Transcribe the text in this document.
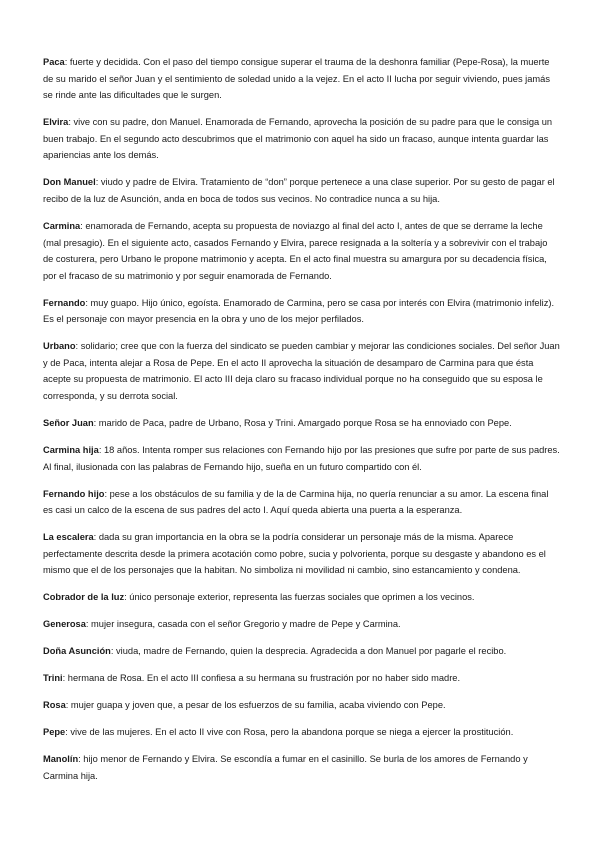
Paca

: fuerte y decidida. Con el paso del tiempo consigue superar el trauma de la deshonra familiar (Pepe-Rosa), la muerte de su marido el señor Juan y el sentimiento de soledad unido a la vejez. En el acto II lucha por seguir viviendo, pues jamás se rinde ante las dificultades que le surgen.

Elvira

: vive con su padre, don Manuel. Enamorada de Fernando, aprovecha la posición de su padre para que le consiga un buen trabajo. En el segundo acto descubrimos que el matrimonio con aquel ha sido un fracaso, aunque intenta guardar las apariencias ante los demás.

Don Manuel

: viudo y padre de Elvira. Tratamiento de “don” porque pertenece a una clase superior. Por su gesto de pagar el recibo de la luz de Asunción, anda en boca de todos sus vecinos. No contradice nunca a su hija.

Carmina

: enamorada de Fernando, acepta su propuesta de noviazgo al final del acto I, antes de que se derrame la leche (mal presagio). En el siguiente acto, casados Fernando y Elvira, parece resignada a la soltería y a sobrevivir con el trabajo de costurera, pero Urbano le propone matrimonio y acepta. En el acto final muestra su amargura por su decadencia física, por el fracaso de su matrimonio y por seguir enamorada de Fernando.

Fernando

: muy guapo. Hijo único, egoísta. Enamorado de Carmina, pero se casa por interés con Elvira (matrimonio infeliz). Es el personaje con mayor presencia en la obra y uno de los mejor perfilados.

Urbano

: solidario; cree que con la fuerza del sindicato se pueden cambiar y mejorar las condiciones sociales. Del señor Juan y de Paca, intenta alejar a Rosa de Pepe. En el acto II aprovecha la situación de desamparo de Carmina para que ésta acepte su propuesta de matrimonio. El acto III deja claro su fracaso individual porque no ha conseguido que su esposa le corresponda, y su derrota social.

Señor Juan

: marido de Paca, padre de Urbano, Rosa y Trini. Amargado porque Rosa se ha ennoviado con Pepe.

Carmina hija

: 18 años. Intenta romper sus relaciones con Fernando hijo por las presiones que sufre por parte de sus padres. Al final, ilusionada con las palabras de Fernando hijo, sueña en un futuro compartido con él.

Fernando hijo

: pese a los obstáculos de su familia y de la de Carmina hija, no quería renunciar a su amor. La escena final es casi un calco de la escena de sus padres del acto I. Aquí queda abierta una puerta a la esperanza.

La escalera

: dada su gran importancia en la obra se la podría considerar un personaje más de la misma. Aparece perfectamente descrita desde la primera acotación como pobre, sucia y polvorienta, porque su desgaste y abandono es el mismo que el de los personajes que la habitan. No simboliza ni movilidad ni cambio, sino estancamiento y condena.

Cobrador de la luz

: único personaje exterior, representa las fuerzas sociales que oprimen a los vecinos.

Generosa

: mujer insegura, casada con el señor Gregorio y madre de Pepe y Carmina.

Doña Asunción

: viuda, madre de Fernando, quien la desprecia. Agradecida a don Manuel por pagarle el recibo.

Trini

: hermana de Rosa. En el acto III confiesa a su hermana su frustración por no haber sido madre.

Rosa

: mujer guapa y joven que, a pesar de los esfuerzos de su familia, acaba viviendo con Pepe.

Pepe

: vive de las mujeres. En el acto II vive con Rosa, pero la abandona porque se niega a ejercer la prostitución.

Manolín

: hijo menor de Fernando y Elvira. Se escondía a fumar en el casinillo. Se burla de los amores de Fernando y Carmina hija.
